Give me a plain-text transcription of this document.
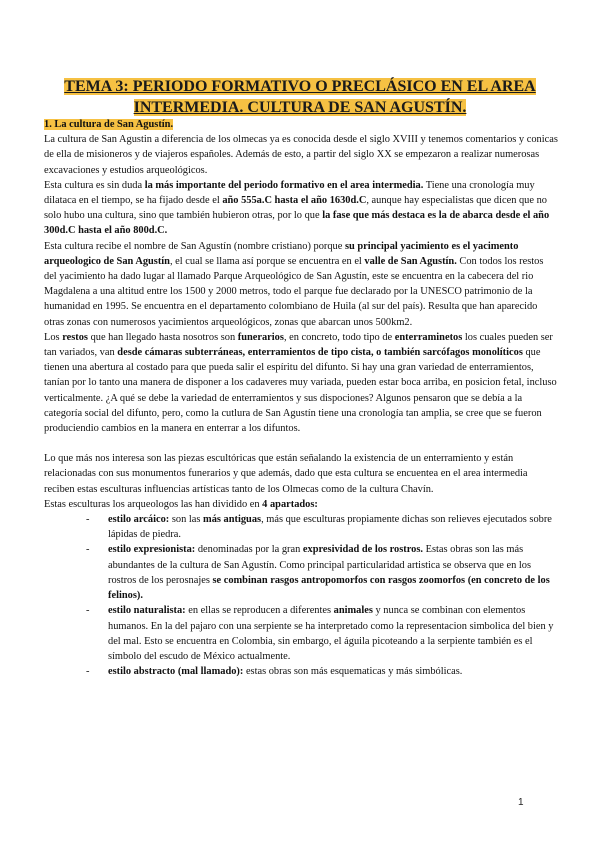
TEMA 3: PERIODO FORMATIVO O PRECLÁSICO EN EL AREA INTERMEDIA. CULTURA DE SAN AGUSTÍN.

1. La cultura de San Agustín.

La cultura de San Agustin a diferencia de los olmecas ya es conocida desde el siglo XVIII y tenemos comentarios y conicas de ella de misioneros y de viajeros españoles. Además de esto, a partir del siglo XX se empezaron a realizar numerosas excavaciones y estudios arqueológicos.

Esta cultura es sin duda la más importante del periodo formativo en el area intermedia. Tiene una cronología muy dilataca en el tiempo, se ha fijado desde el año 555a.C hasta el año 1630d.C, aunque hay especialistas que dicen que no solo hubo una cultura, sino que también hubieron otras, por lo que la fase que más destaca es la de abarca desde el año 300d.C hasta el año 800d.C.

Esta cultura recibe el nombre de San Agustín (nombre cristiano) porque su principal yacimiento es el yacimento arqueologico de San Agustín, el cual se llama así porque se encuentra en el valle de San Agustín. Con todos los restos del yacimiento ha dado lugar al llamado Parque Arqueológico de San Agustín, este se encuentra en la cabecera del rio Magdalena a una altitud entre los 1500 y 2000 metros, todo el parque fue declarado por la UNESCO patrimonio de la humanidad en 1995. Se encuentra en el departamento colombiano de Huila (al sur del país). Resulta que han aparecido otras zonas con numerosos yacimientos arqueológicos, zonas que abarcan unos 500km2.

Los restos que han llegado hasta nosotros son funerarios, en concreto, todo tipo de enterraminetos los cuales pueden ser tan variados, van desde cámaras subterráneas, enterramientos de tipo cista, o también sarcófagos monolíticos que tienen una abertura al costado para que pueda salir el espíritu del difunto. Si hay una gran variedad de enterramientos, tanían por lo tanto una manera de disponer a los cadaveres muy variada, pueden estar boca arriba, en posicion fetal, incluso verticalmente. ¿A qué se debe la variedad de enterramientos y sus dispociones? Algunos pensaron que se debía a la categoría social del difunto, pero, como la cutlura de San Agustín tiene una cronología tan amplia, se cree que se fueron produciendio cambios en la manera en enterrar a los difuntos.

Lo que más nos interesa son las piezas escultóricas que están señalando la existencia de un enterramiento y están relacionadas con sus monumentos funerarios y que además, dado que esta cultura se encuentea en el area intermedia reciben estas esculturas influencias artísticas tanto de los Olmecas como de la cultura Chavín.

Estas esculturas los arqueologos las han dividido en 4 apartados:

- estilo arcáico: son las más antiguas, más que esculturas propiamente dichas son relieves ejecutados sobre lápidas de piedra.
- estilo expresionista: denominadas por la gran expresividad de los rostros. Estas obras son las más abundantes de la cultura de San Agustín. Como principal particularidad artistica se observa que en los rostros de los perosnajes se combinan rasgos antropomorfos con rasgos zoomorfos (en concreto de los felinos).
- estilo naturalista: en ellas se reproducen a diferentes animales y nunca se combinan con elementos humanos. En la del pajaro con una serpiente se ha interpretado como la representacion simbolica del bien y del mal. Esto se encuentra en Colombia, sin embargo, el águila picoteando a la serpiente también es el símbolo del escudo de México actualmente.
- estilo abstracto (mal llamado): estas obras son más esquematicas y más simbólicas.
1
